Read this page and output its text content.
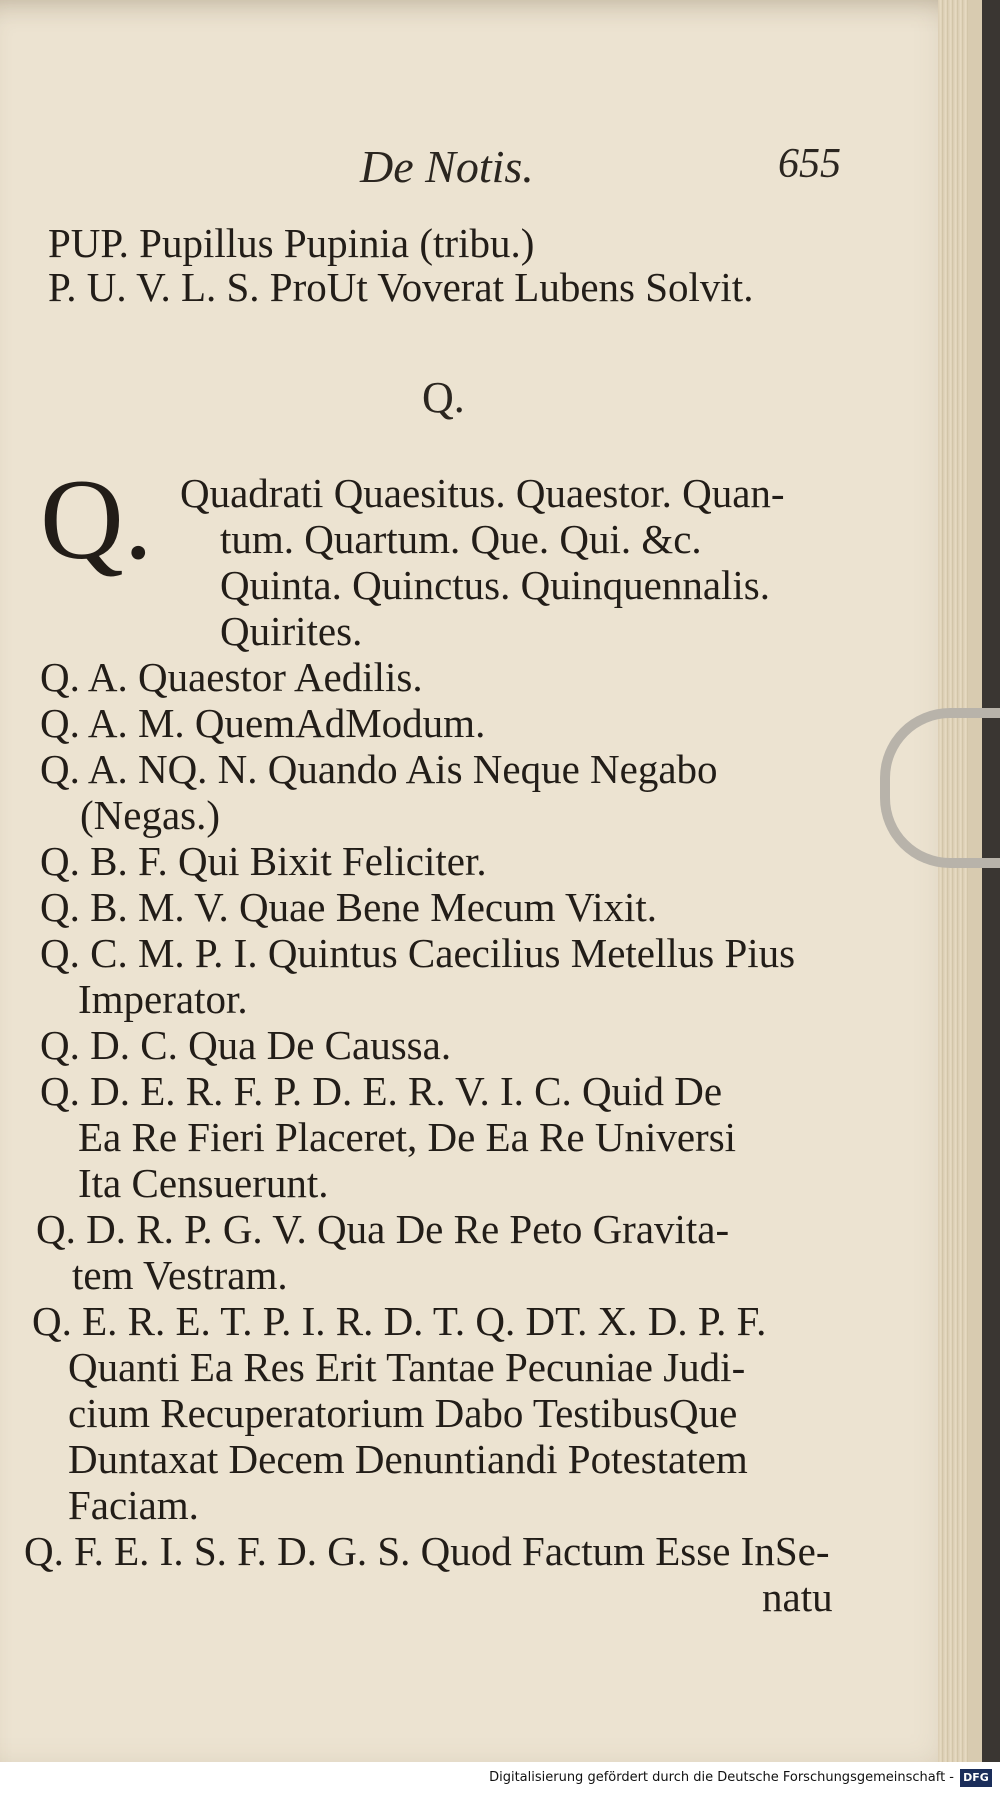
De Notis.	655
PUP. Pupillus Pupinia (tribu.)
P. U. V. L. S. ProUt Voverat Lubens Solvit.
Q.
Q. Quadrati Quaesitus. Quaestor. Quan-
tum. Quartum. Que. Qui. &c.
Quinta. Quinctus. Quinquennalis.
Quirites.
Q. A. Quaestor Aedilis.
Q. A. M. QuemAdModum.
Q. A. NQ. N. Quando Ais Neque Negabo
(Negas.)
Q. B. F. Qui Bixit Feliciter.
Q. B. M. V. Quae Bene Mecum Vixit.
Q. C. M. P. I. Quintus Caecilius Metellus Pius
Imperator.
Q. D. C. Qua De Caussa.
Q. D. E. R. F. P. D. E. R. V. I. C. Quid De
Ea Re Fieri Placeret, De Ea Re Universi
Ita Censuerunt.
Q. D. R. P. G. V. Qua De Re Peto Gravita-
tem Vestram.
Q. E. R. E. T. P. I. R. D. T. Q. DT. X. D. P. F.
Quanti Ea Res Erit Tantae Pecuniae Judi-
cium Recuperatorium Dabo TestibusQue
Duntaxat Decem Denuntiandi Potestatem
Faciam.
Q. F. E. I. S. F. D. G. S. Quod Factum Esse InSe-
natu
Digitalisierung gefördert durch die Deutsche Forschungsgemeinschaft - DFG
